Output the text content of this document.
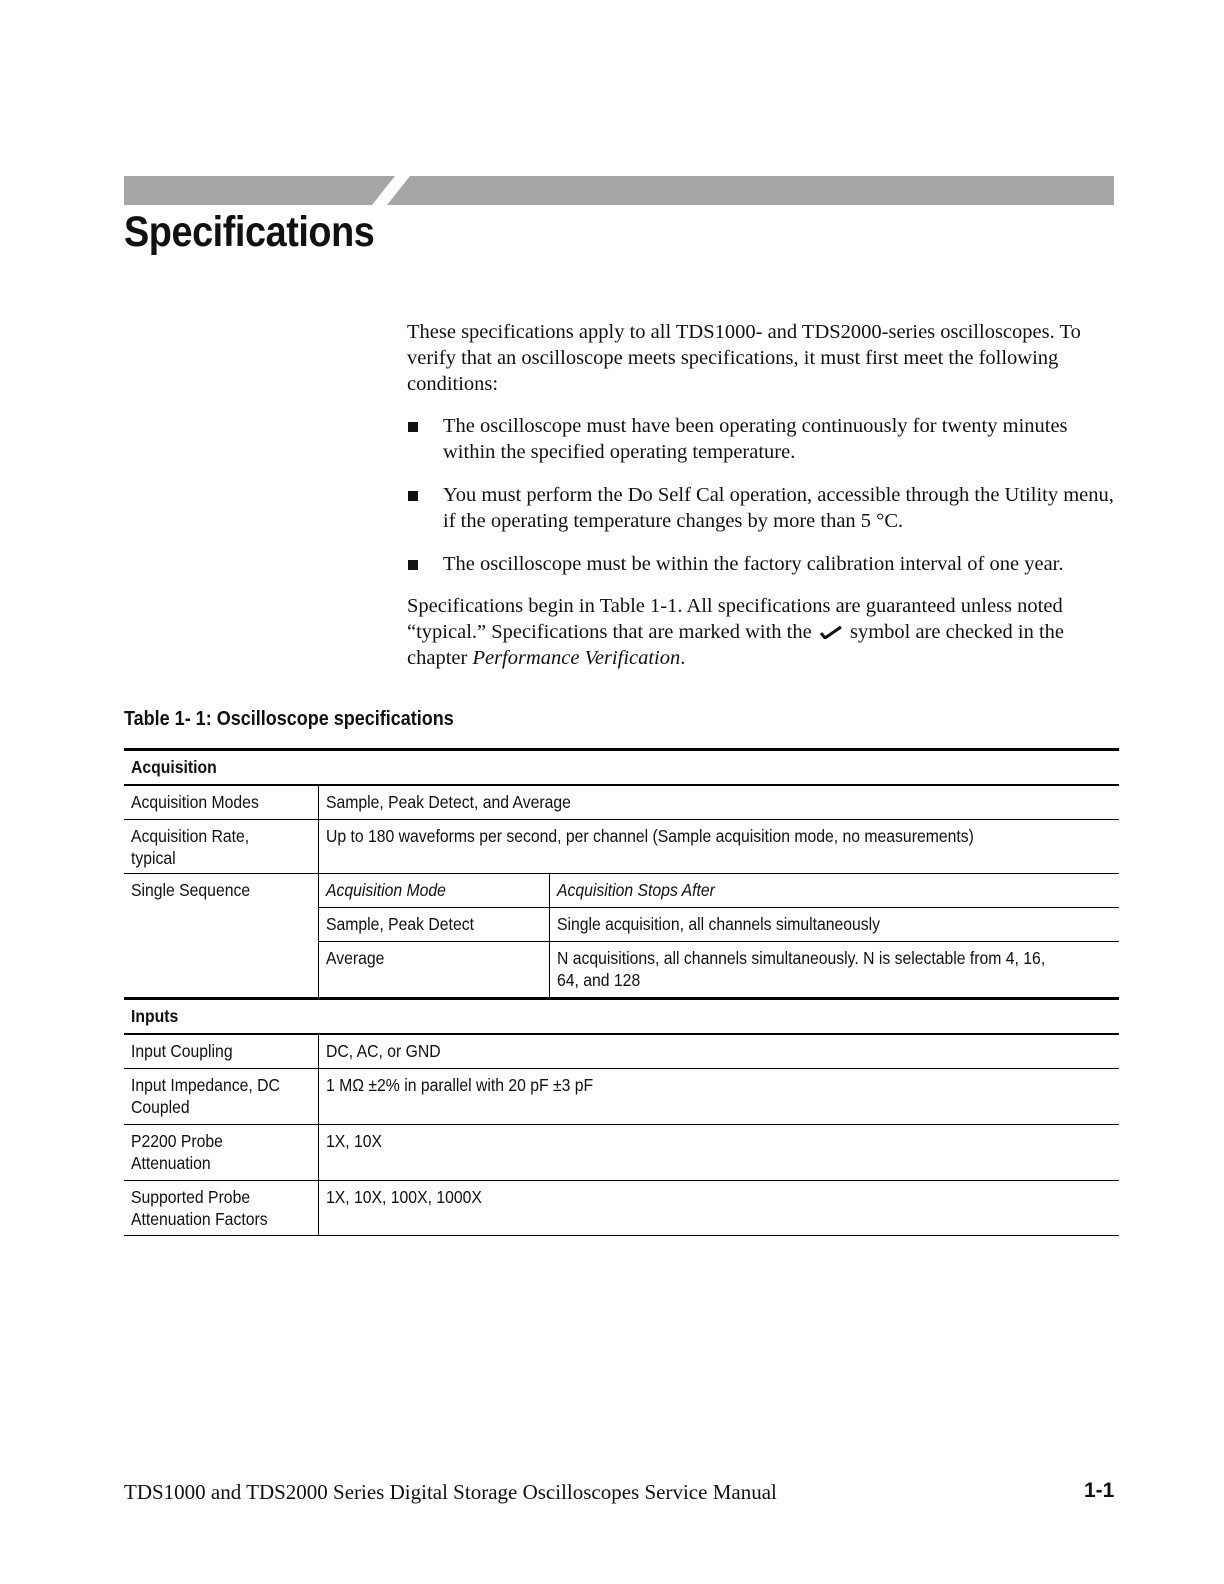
Specifications

These specifications apply to all TDS1000- and TDS2000-series oscilloscopes. To verify that an oscilloscope meets specifications, it must first meet the following conditions:

The oscilloscope must have been operating continuously for twenty minutes within the specified operating temperature.
You must perform the Do Self Cal operation, accessible through the Utility menu, if the operating temperature changes by more than 5 °C.
The oscilloscope must be within the factory calibration interval of one year.

Specifications begin in Table 1-1. All specifications are guaranteed unless noted “typical.” Specifications that are marked with the symbol are checked in the chapter Performance Verification.

Table 1- 1: Oscilloscope specifications
Acquisition		
Acquisition Modes	Sample, Peak Detect, and Average	
Acquisition Rate, typical	Up to 180 waveforms per second, per channel (Sample acquisition mode, no measurements)	
Single Sequence	Acquisition Mode	Acquisition Stops After
	Sample, Peak Detect	Single acquisition, all channels simultaneously
	Average	N acquisitions, all channels simultaneously. N is selectable from 4, 16, 64, and 128
Inputs		
Input Coupling	DC, AC, or GND	
Input Impedance, DC Coupled	1 MΩ ±2% in parallel with 20 pF ±3 pF	
P2200 Probe Attenuation	1X, 10X	
Supported Probe Attenuation Factors	1X, 10X, 100X, 1000X	
TDS1000 and TDS2000 Series Digital Storage Oscilloscopes Service Manual	1-1
